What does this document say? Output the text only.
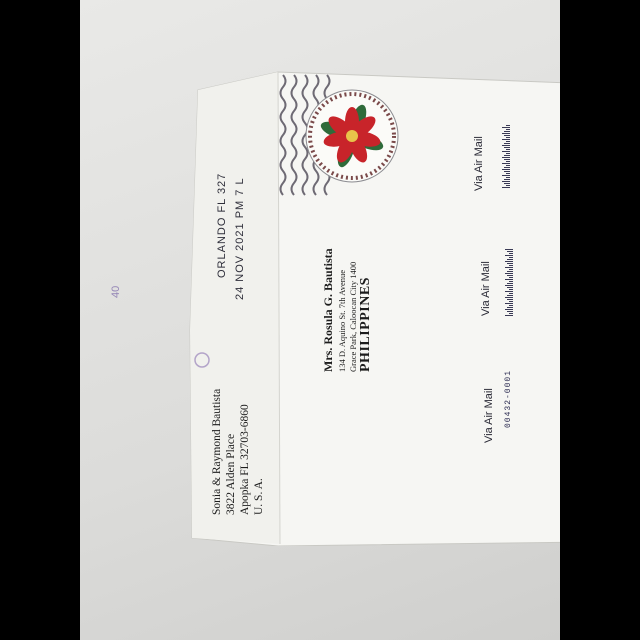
ORLANDO FL 327 24 NOV 2021 PM 7 L
Sonia & Raymond Bautista 3822 Alden Place Apopka FL 32703-6860 U. S. A.
Mrs. Rosula G. Bautista 134 D. Aquino St. 7th Avenue Grace Park, Caloocan City 1400 PHILIPPINES
Via Air Mail
Via Air Mail
Via Air Mail 00432-0001
40
